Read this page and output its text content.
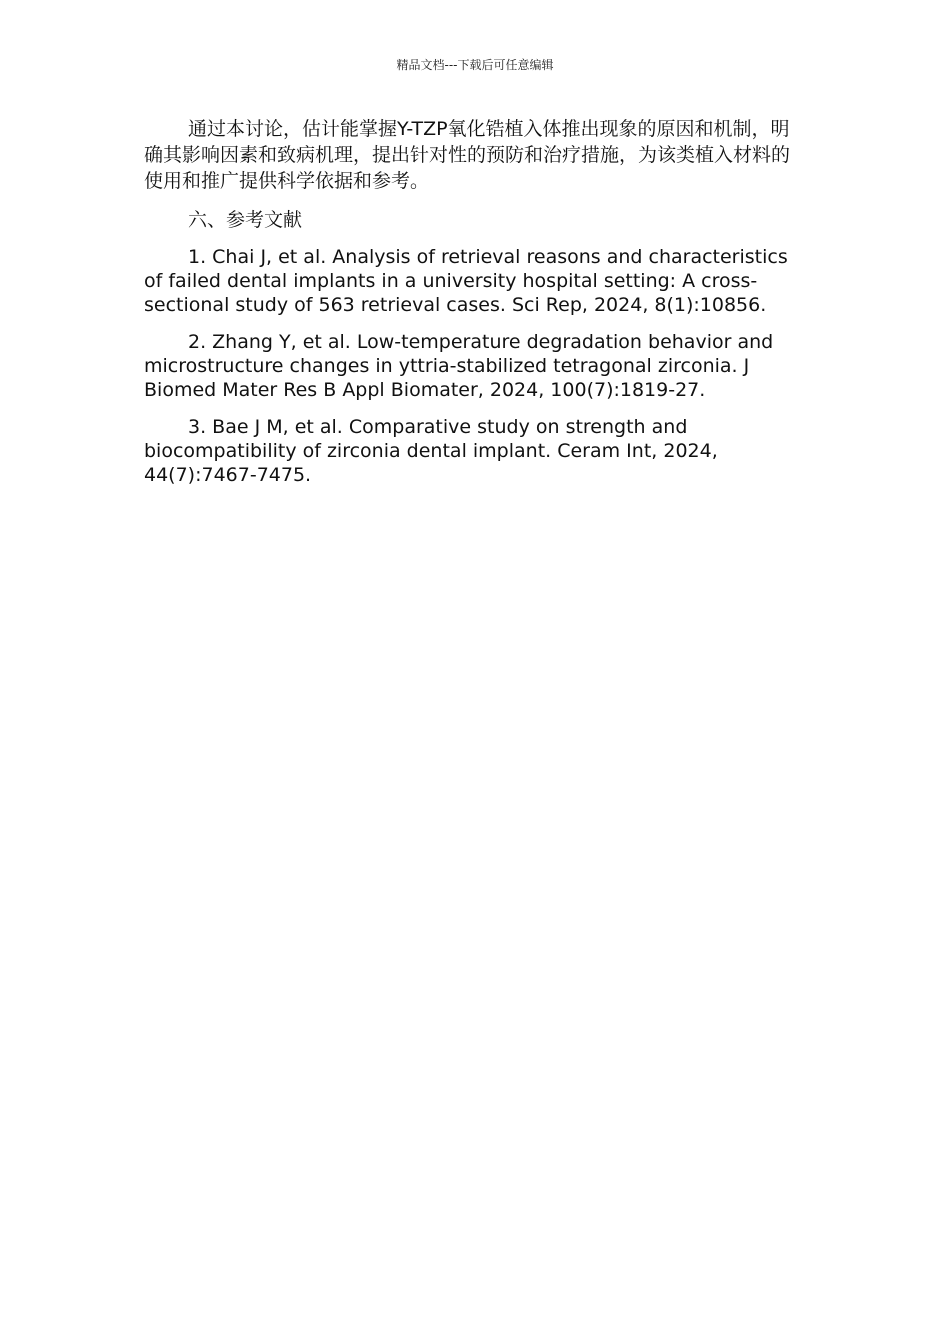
精品文档---下载后可任意编辑

通过本讨论，估计能掌握Y-TZP氧化锆植入体推出现象的原因和机制，明确其影响因素和致病机理，提出针对性的预防和治疗措施，为该类植入材料的使用和推广提供科学依据和参考。

六、参考文献

1. Chai J, et al. Analysis of retrieval reasons and characteristics of failed dental implants in a university hospital setting: A cross-sectional study of 563 retrieval cases. Sci Rep, 2024, 8(1):10856.

2. Zhang Y, et al. Low-temperature degradation behavior and microstructure changes in yttria-stabilized tetragonal zirconia. J Biomed Mater Res B Appl Biomater, 2024, 100(7):1819-27.

3. Bae J M, et al. Comparative study on strength and biocompatibility of zirconia dental implant. Ceram Int, 2024, 44(7):7467-7475.
